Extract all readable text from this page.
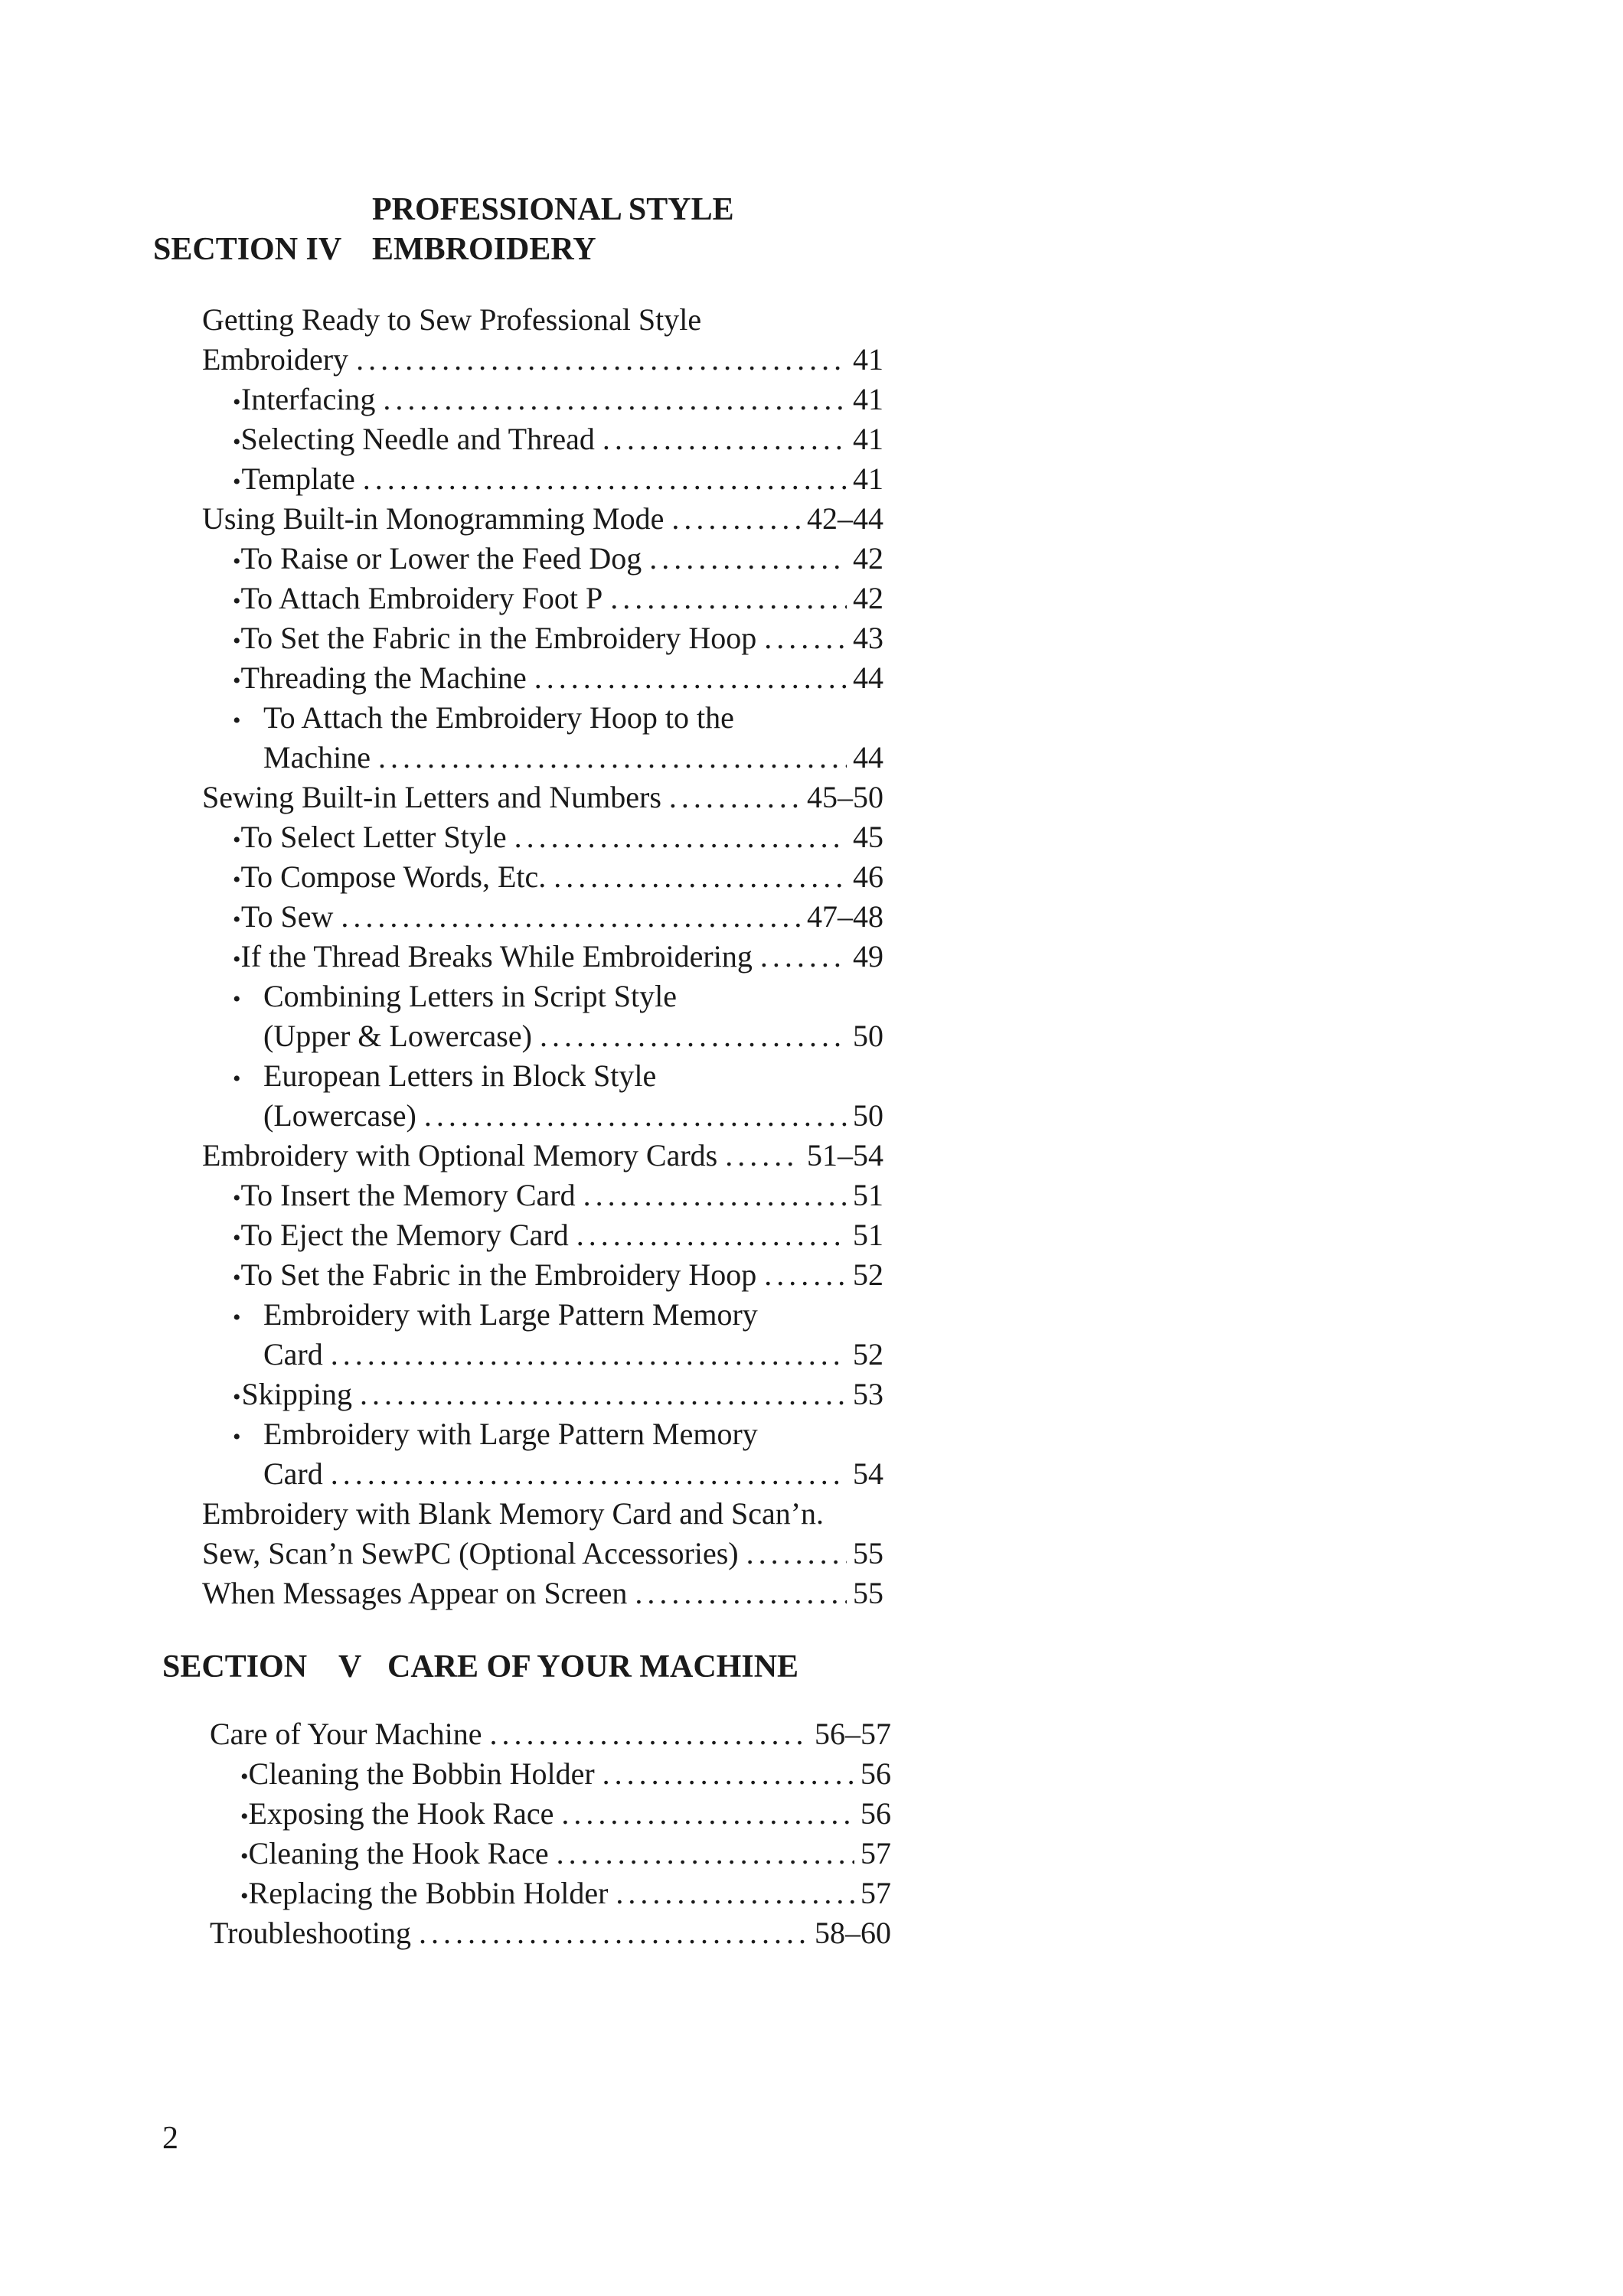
SECTION IV
PROFESSIONAL STYLE
EMBROIDERY
Getting Ready to Sew Professional Style
Embroidery .....	41
• Interfacing .....	41
• Selecting Needle and Thread .....	41
• Template .....	41
Using Built-in Monogramming Mode .....	42–44
• To Raise or Lower the Feed Dog .....	42
• To Attach Embroidery Foot P .....	42
• To Set the Fabric in the Embroidery Hoop .....	43
• Threading the Machine .....	44
• To Attach the Embroidery Hoop to the
Machine .....	44
Sewing Built-in Letters and Numbers .....	45–50
• To Select Letter Style .....	45
• To Compose Words, Etc. .....	46
• To Sew .....	47–48
• If the Thread Breaks While Embroidering .....	49
• Combining Letters in Script Style
(Upper & Lowercase) .....	50
• European Letters in Block Style
(Lowercase) .....	50
Embroidery with Optional Memory Cards .....	51–54
• To Insert the Memory Card .....	51
• To Eject the Memory Card .....	51
• To Set the Fabric in the Embroidery Hoop .....	52
• Embroidery with Large Pattern Memory
Card .....	52
• Skipping .....	53
• Embroidery with Large Pattern Memory
Card .....	54
Embroidery with Blank Memory Card and Scan’n.
Sew, Scan’n SewPC (Optional Accessories) .....	55
When Messages Appear on Screen .....	55
SECTION V CARE OF YOUR MACHINE
Care of Your Machine .....	56–57
• Cleaning the Bobbin Holder .....	56
• Exposing the Hook Race .....	56
• Cleaning the Hook Race .....	57
• Replacing the Bobbin Holder .....	57
Troubleshooting .....	58–60
2
